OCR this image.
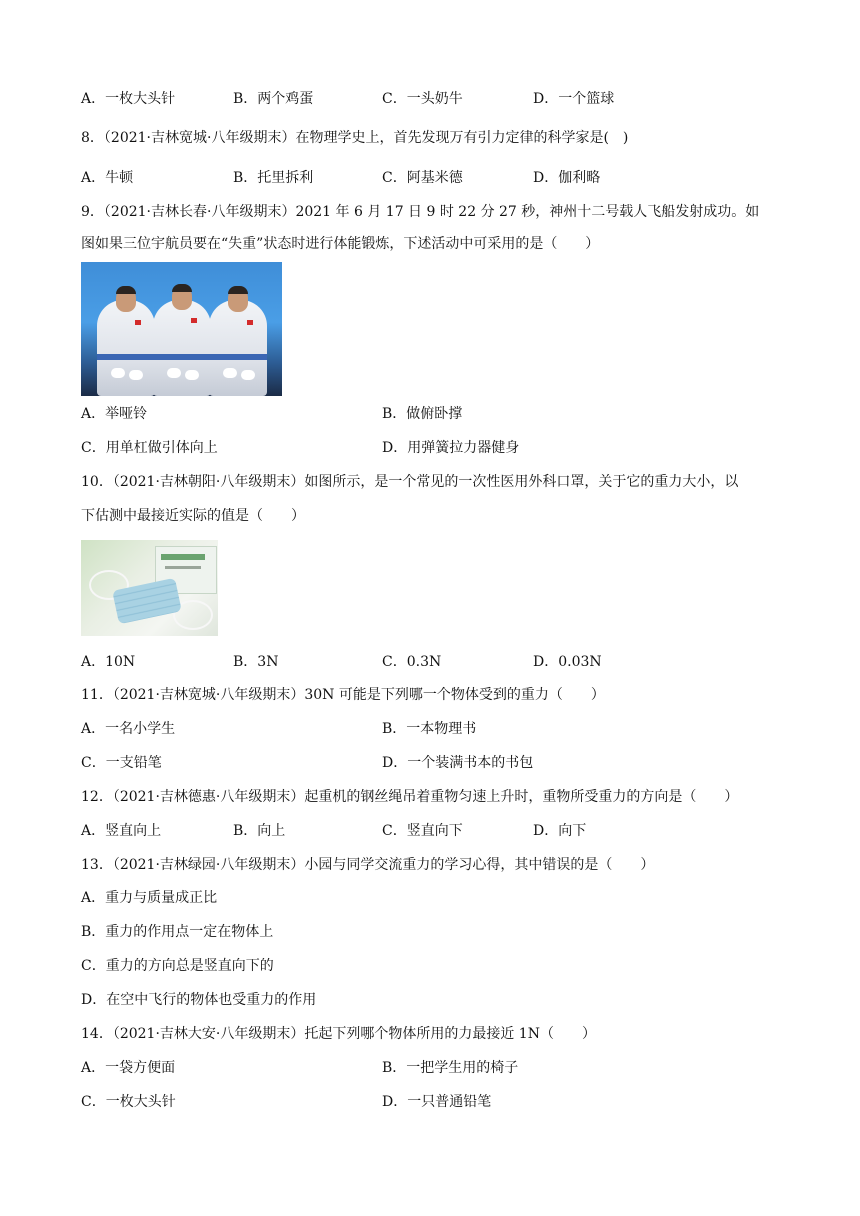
A．一枚大头针	B．两个鸡蛋	C．一头奶牛	D．一个篮球
8．（2021·吉林宽城·八年级期末）在物理学史上，首先发现万有引力定律的科学家是(　)
A．牛顿	B．托里拆利	C．阿基米德	D．伽利略
9．（2021·吉林长春·八年级期末）2021 年 6 月 17 日 9 时 22 分 27 秒，神州十二号载人飞船发射成功。如
图如果三位宇航员要在“失重”状态时进行体能锻炼，下述活动中可采用的是（　　）
A．举哑铃	B．做俯卧撑
C．用单杠做引体向上	D．用弹簧拉力器健身
10．（2021·吉林朝阳·八年级期末）如图所示，是一个常见的一次性医用外科口罩，关于它的重力大小，以
下估测中最接近实际的值是（　　）
A．10N	B．3N	C．0.3N	D．0.03N
11．（2021·吉林宽城·八年级期末）30N 可能是下列哪一个物体受到的重力（　　）
A．一名小学生	B．一本物理书
C．一支铅笔	D．一个装满书本的书包
12．（2021·吉林德惠·八年级期末）起重机的钢丝绳吊着重物匀速上升时，重物所受重力的方向是（　　）
A．竖直向上	B．向上	C．竖直向下	D．向下
13．（2021·吉林绿园·八年级期末）小园与同学交流重力的学习心得，其中错误的是（　　）
A．重力与质量成正比
B．重力的作用点一定在物体上
C．重力的方向总是竖直向下的
D．在空中飞行的物体也受重力的作用
14．（2021·吉林大安·八年级期末）托起下列哪个物体所用的力最接近 1N（　　）
A．一袋方便面	B．一把学生用的椅子
C．一枚大头针	D．一只普通铅笔
